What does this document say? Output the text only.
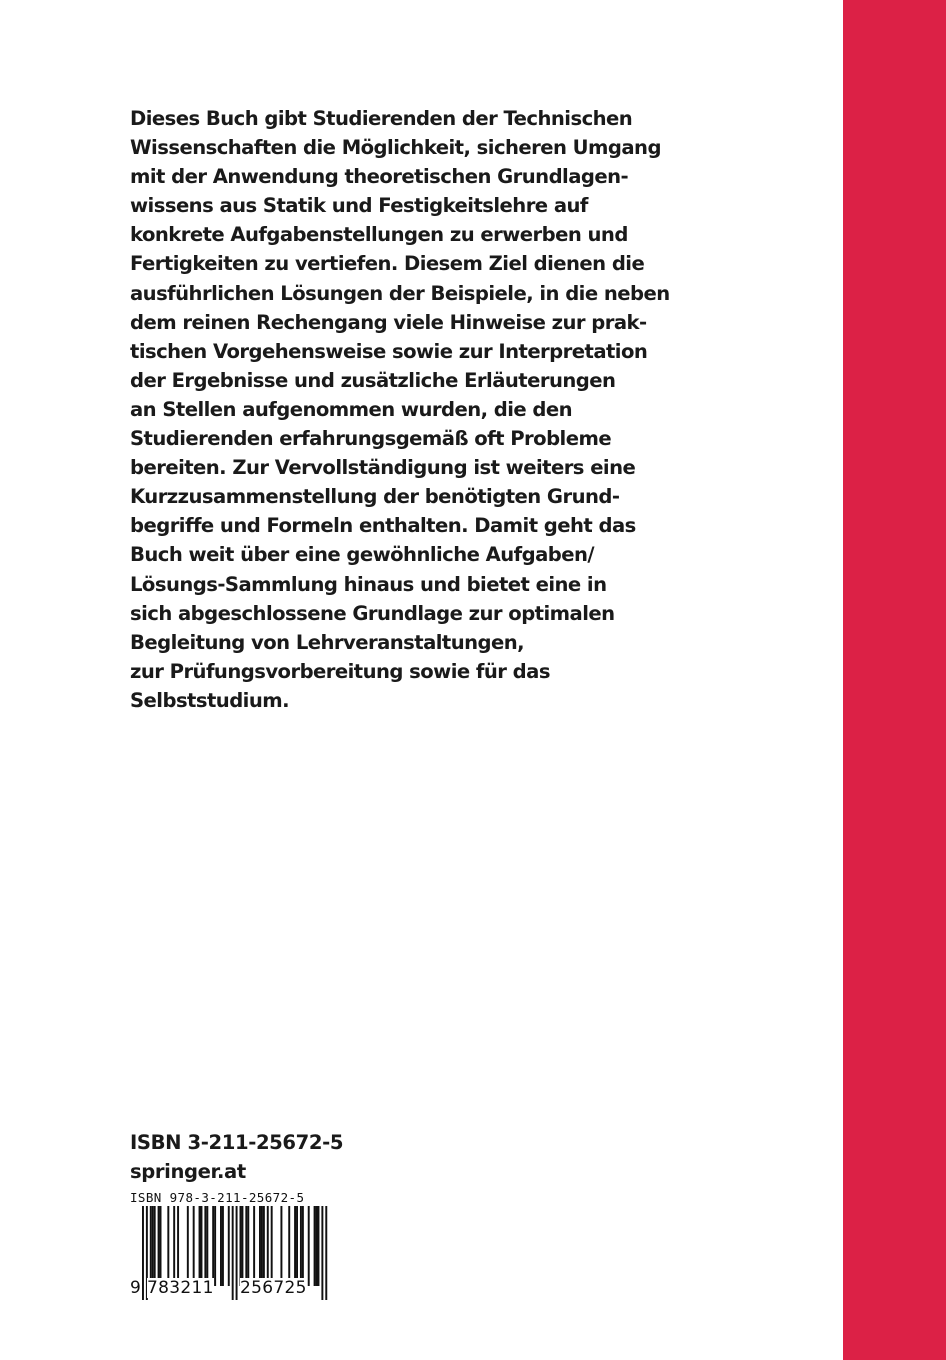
Dieses Buch gibt Studierenden der Technischen
Wissenschaften die Möglichkeit, sicheren Umgang
mit der Anwendung theoretischen Grundlagen-
wissens aus Statik und Festigkeitslehre auf
konkrete Aufgabenstellungen zu erwerben und
Fertigkeiten zu vertiefen. Diesem Ziel dienen die
ausführlichen Lösungen der Beispiele, in die neben
dem reinen Rechengang viele Hinweise zur prak-
tischen Vorgehensweise sowie zur Interpretation
der Ergebnisse und zusätzliche Erläuterungen
an Stellen aufgenommen wurden, die den
Studierenden erfahrungsgemäß oft Probleme
bereiten. Zur Vervollständigung ist weiters eine
Kurzzusammenstellung der benötigten Grund-
begriffe und Formeln enthalten. Damit geht das
Buch weit über eine gewöhnliche Aufgaben/
Lösungs-Sammlung hinaus und bietet eine in
sich abgeschlossene Grundlage zur optimalen
Begleitung von Lehrveranstaltungen,
zur Prüfungsvorbereitung sowie für das
Selbststudium.
ISBN 3-211-25672-5
springer.at
ISBN 978-3-211-25672-5
9 783211 256725
